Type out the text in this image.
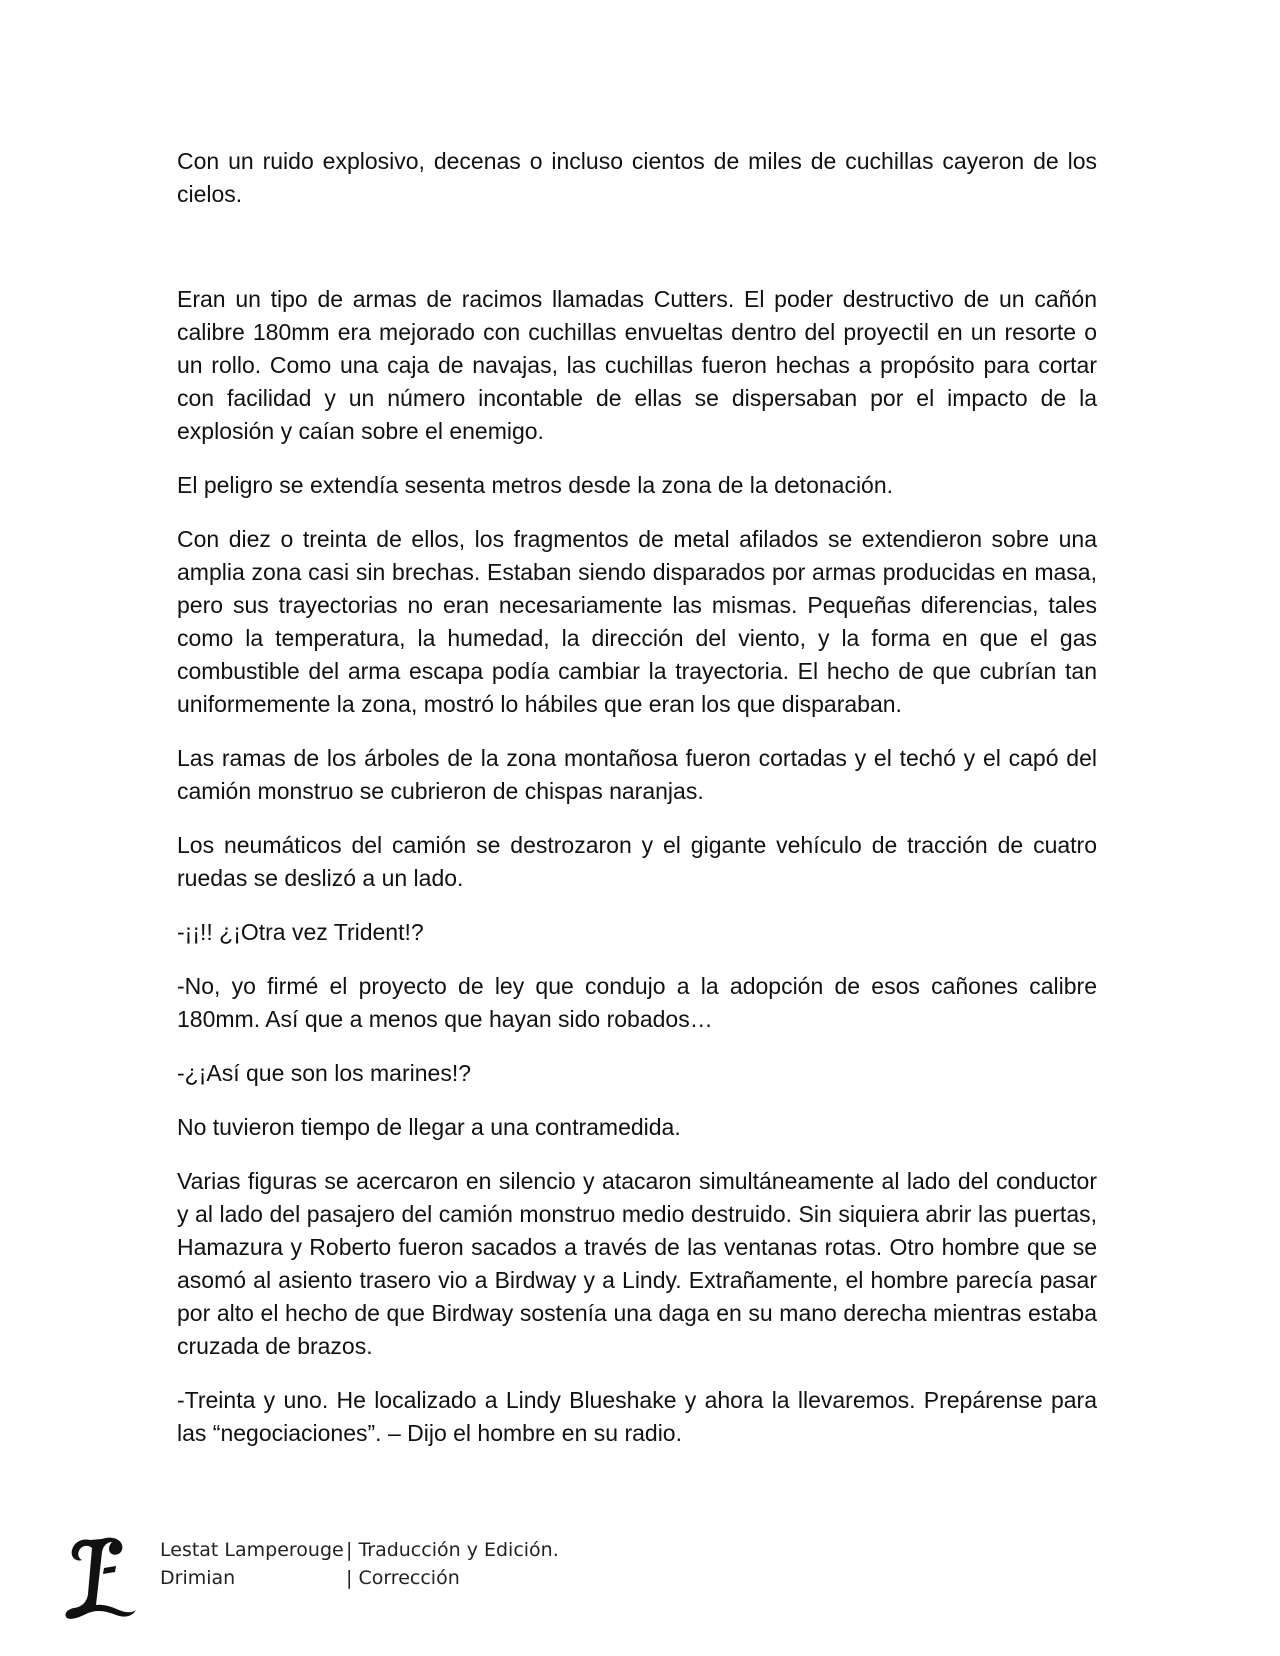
Con un ruido explosivo, decenas o incluso cientos de miles de cuchillas cayeron de los cielos.

Eran un tipo de armas de racimos llamadas Cutters. El poder destructivo de un cañón calibre 180mm era mejorado con cuchillas envueltas dentro del proyectil en un resorte o un rollo. Como una caja de navajas, las cuchillas fueron hechas a propósito para cortar con facilidad y un número incontable de ellas se dispersaban por el impacto de la explosión y caían sobre el enemigo.

El peligro se extendía sesenta metros desde la zona de la detonación.

Con diez o treinta de ellos, los fragmentos de metal afilados se extendieron sobre una amplia zona casi sin brechas. Estaban siendo disparados por armas producidas en masa, pero sus trayectorias no eran necesariamente las mismas. Pequeñas diferencias, tales como la temperatura, la humedad, la dirección del viento, y la forma en que el gas combustible del arma escapa podía cambiar la trayectoria. El hecho de que cubrían tan uniformemente la zona, mostró lo hábiles que eran los que disparaban.

Las ramas de los árboles de la zona montañosa fueron cortadas y el techó y el capó del camión monstruo se cubrieron de chispas naranjas.

Los neumáticos del camión se destrozaron y el gigante vehículo de tracción de cuatro ruedas se deslizó a un lado.

-¡¡!! ¿¡Otra vez Trident!?

-No, yo firmé el proyecto de ley que condujo a la adopción de esos cañones calibre 180mm. Así que a menos que hayan sido robados…

-¿¡Así que son los marines!?

No tuvieron tiempo de llegar a una contramedida.

Varias figuras se acercaron en silencio y atacaron simultáneamente al lado del conductor y al lado del pasajero del camión monstruo medio destruido. Sin siquiera abrir las puertas, Hamazura y Roberto fueron sacados a través de las ventanas rotas. Otro hombre que se asomó al asiento trasero vio a Birdway y a Lindy. Extrañamente, el hombre parecía pasar por alto el hecho de que Birdway sostenía una daga en su mano derecha mientras estaba cruzada de brazos.

-Treinta y uno. He localizado a Lindy Blueshake y ahora la llevaremos. Prepárense para las “negociaciones”. – Dijo el hombre en su radio.

Lestat Lamperouge | Traducción y Edición.
Drimian	| Corrección
